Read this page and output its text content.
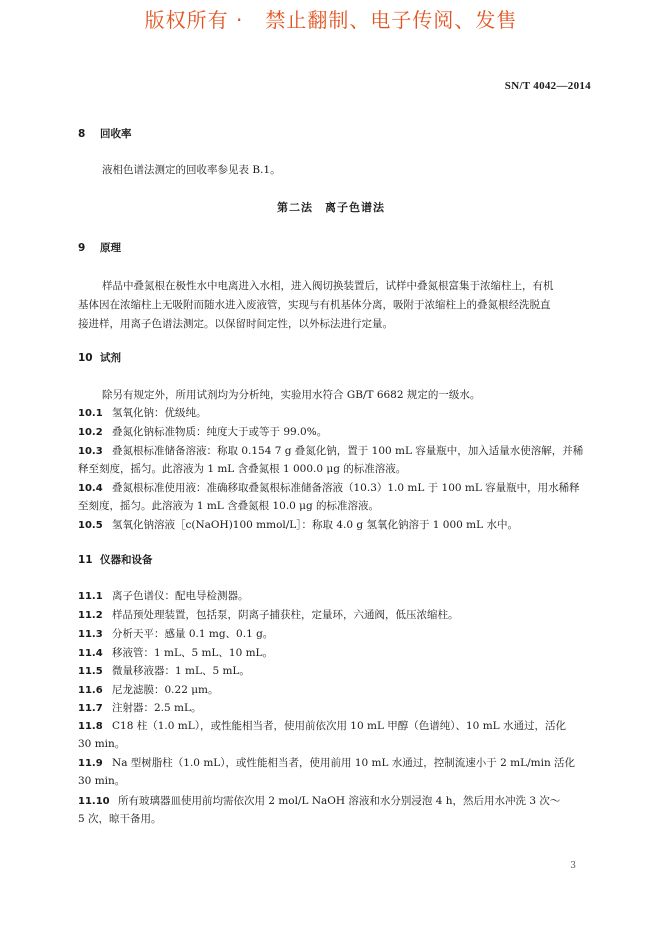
版权所有 · 禁止翻制、电子传阅、发售
SN/T 4042—2014
8 回收率
液相色谱法测定的回收率参见表 B.1。
第二法　离子色谱法
9 原理
样品中叠氮根在极性水中电离进入水相，进入阀切换装置后，试样中叠氮根富集于浓缩柱上，有机
基体因在浓缩柱上无吸附而随水进入废液管，实现与有机基体分离，吸附于浓缩柱上的叠氮根经洗脱直
接进样，用离子色谱法测定。以保留时间定性，以外标法进行定量。
10 试剂
除另有规定外，所用试剂均为分析纯，实验用水符合 GB/T 6682 规定的一级水。
10.1 氢氧化钠：优级纯。
10.2 叠氮化钠标准物质：纯度大于或等于 99.0%。
10.3 叠氮根标准储备溶液：称取 0.154 7 g 叠氮化钠，置于 100 mL 容量瓶中，加入适量水使溶解，并稀
释至刻度，摇匀。此溶液为 1 mL 含叠氮根 1 000.0 μg 的标准溶液。
10.4 叠氮根标准使用液：准确移取叠氮根标准储备溶液（10.3）1.0 mL 于 100 mL 容量瓶中，用水稀释
至刻度，摇匀。此溶液为 1 mL 含叠氮根 10.0 μg 的标准溶液。
10.5 氢氧化钠溶液［c(NaOH)100 mmol/L］：称取 4.0 g 氢氧化钠溶于 1 000 mL 水中。
11 仪器和设备
11.1 离子色谱仪：配电导检测器。
11.2 样品预处理装置，包括泵，阴离子捕获柱，定量环，六通阀，低压浓缩柱。
11.3 分析天平：感量 0.1 mg、0.1 g。
11.4 移液管：1 mL、5 mL、10 mL。
11.5 微量移液器：1 mL、5 mL。
11.6 尼龙滤膜：0.22 μm。
11.7 注射器：2.5 mL。
11.8 C18 柱（1.0 mL），或性能相当者，使用前依次用 10 mL 甲醇（色谱纯）、10 mL 水通过，活化
30 min。
11.9 Na 型树脂柱（1.0 mL），或性能相当者，使用前用 10 mL 水通过，控制流速小于 2 mL/min 活化
30 min。
11.10 所有玻璃器皿使用前均需依次用 2 mol/L NaOH 溶液和水分别浸泡 4 h，然后用水冲洗 3 次～
5 次，晾干备用。
3
